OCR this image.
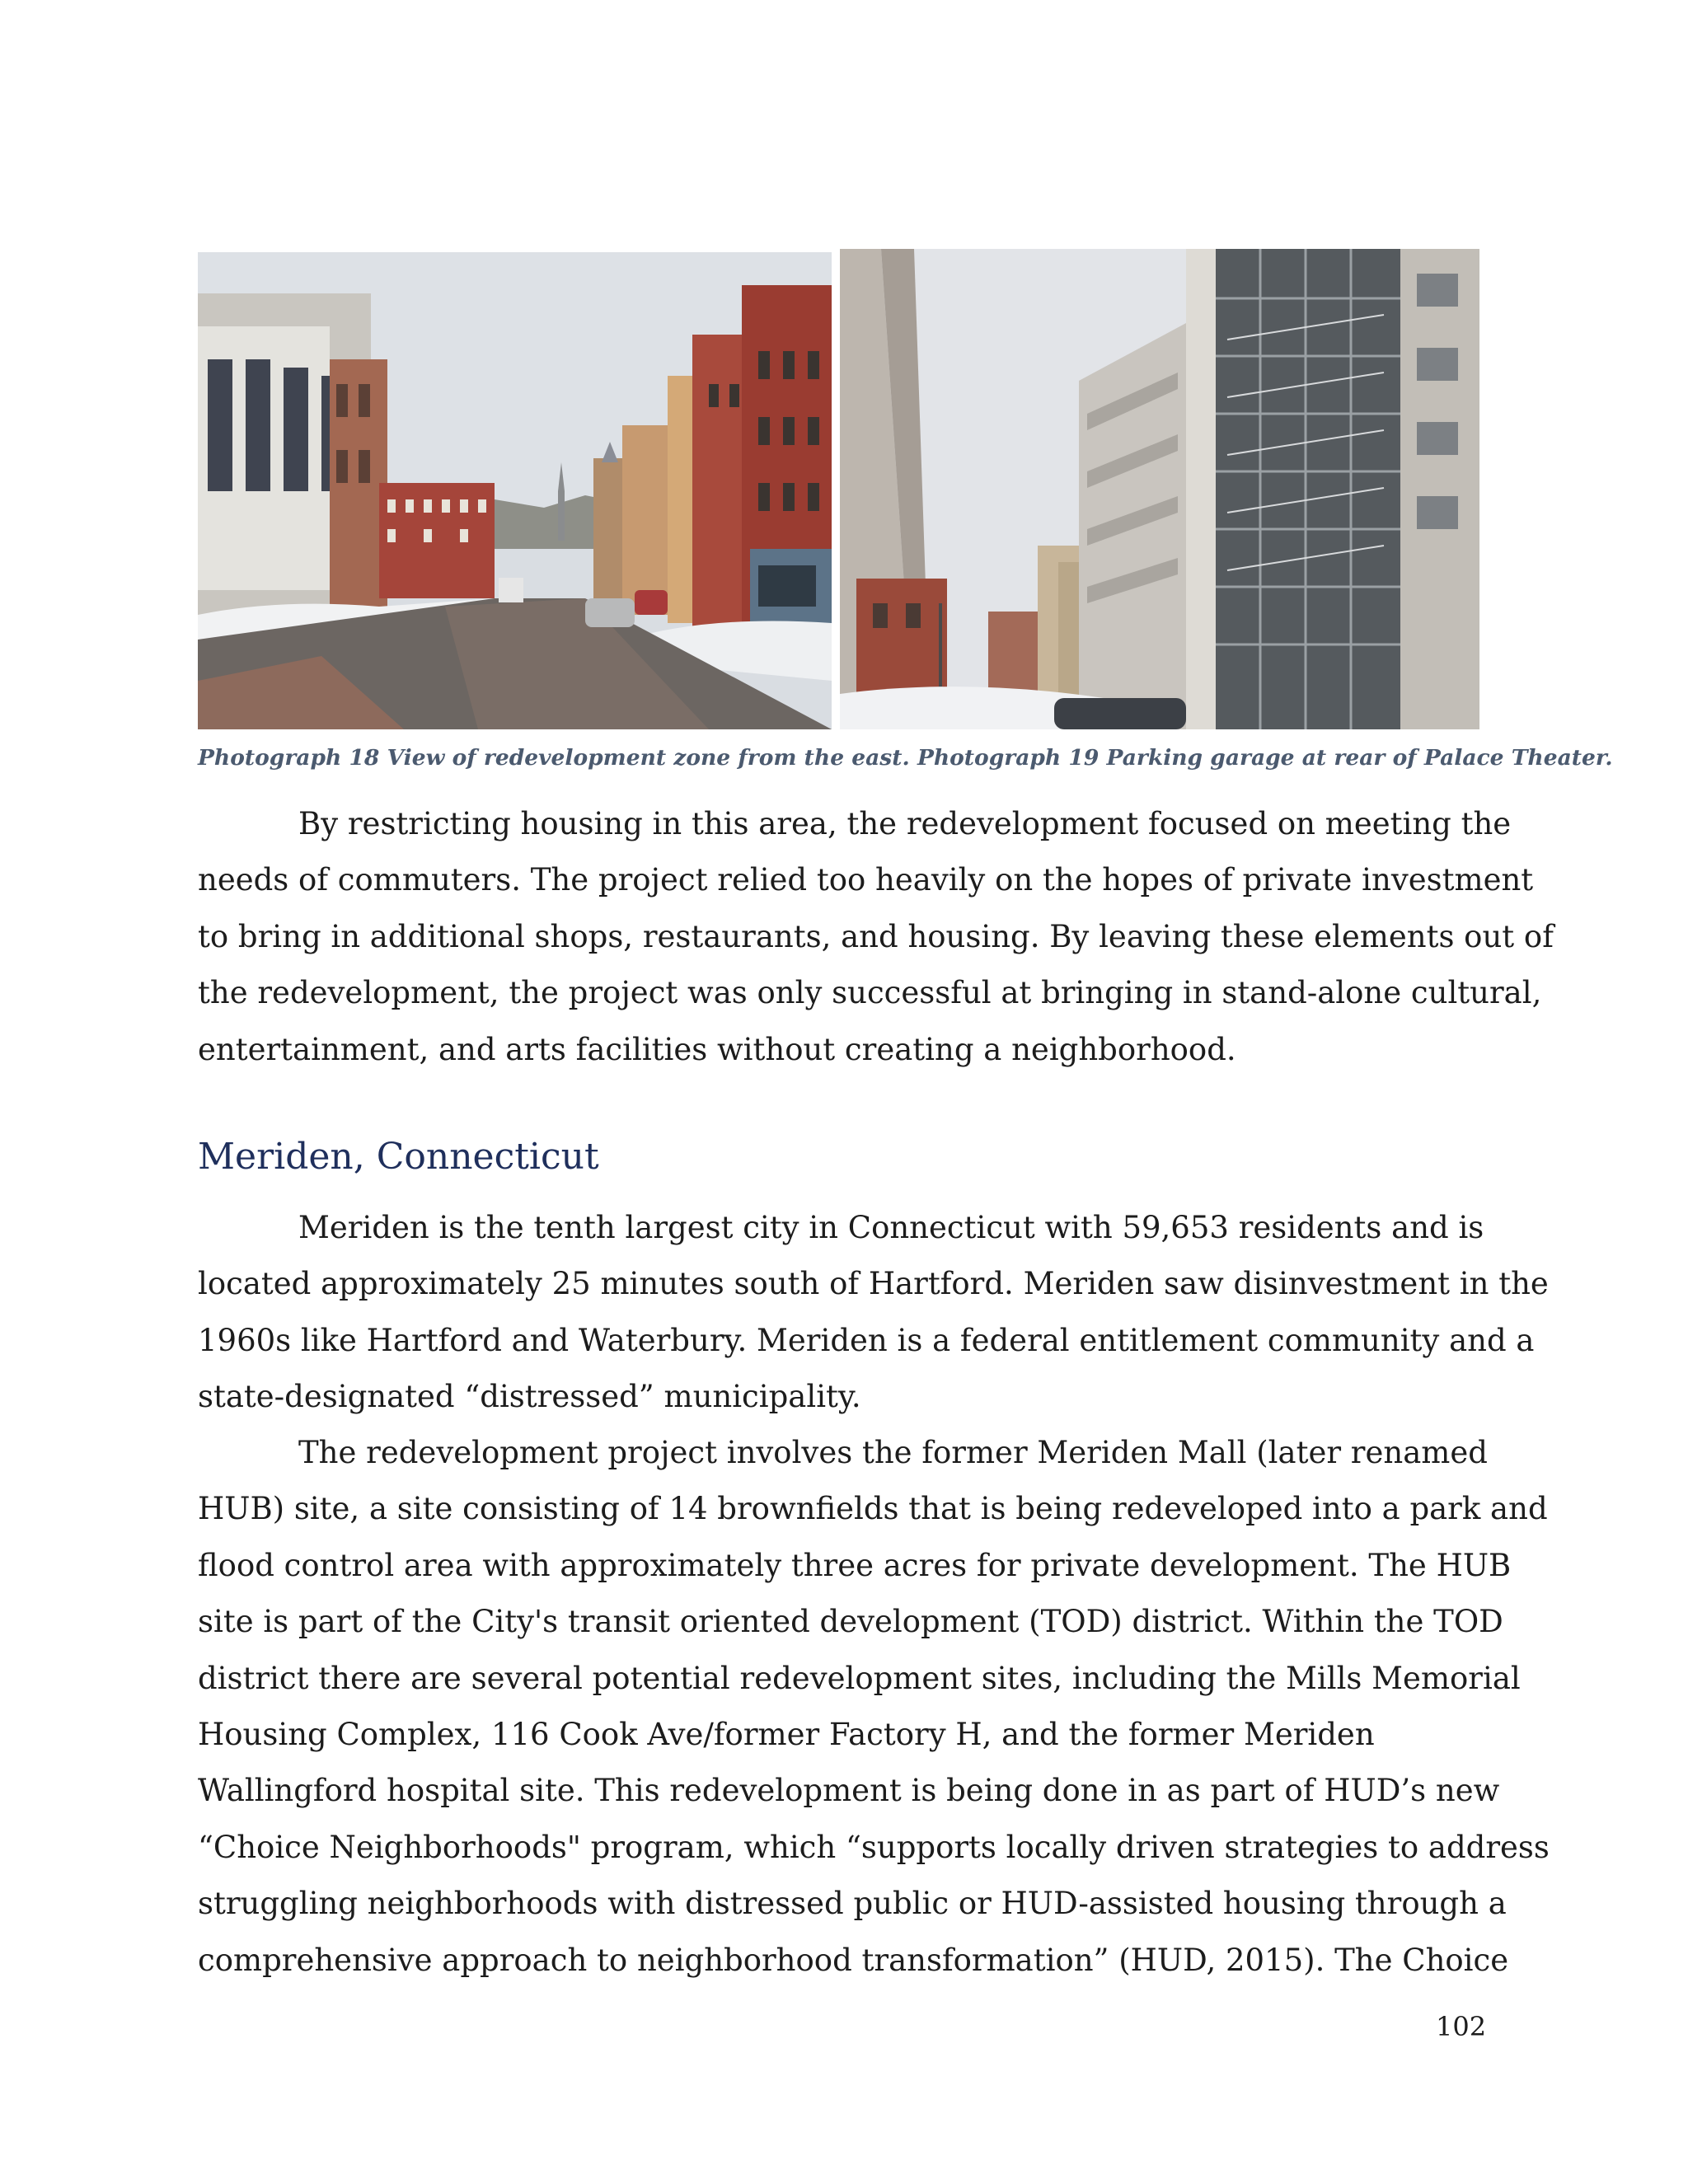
Photograph 18 View of redevelopment zone from the east. Photograph 19 Parking garage at rear of Palace Theater.

By restricting housing in this area, the redevelopment focused on meeting the
needs of commuters. The project relied too heavily on the hopes of private investment
to bring in additional shops, restaurants, and housing. By leaving these elements out of
the redevelopment, the project was only successful at bringing in stand-alone cultural,
entertainment, and arts facilities without creating a neighborhood.

Meriden, Connecticut

Meriden is the tenth largest city in Connecticut with 59,653 residents and is
located approximately 25 minutes south of Hartford. Meriden saw disinvestment in the
1960s like Hartford and Waterbury. Meriden is a federal entitlement community and a
state-designated “distressed” municipality.

The redevelopment project involves the former Meriden Mall (later renamed
HUB) site, a site consisting of 14 brownfields that is being redeveloped into a park and
flood control area with approximately three acres for private development. The HUB
site is part of the City's transit oriented development (TOD) district. Within the TOD
district there are several potential redevelopment sites, including the Mills Memorial
Housing Complex, 116 Cook Ave/former Factory H, and the former Meriden
Wallingford hospital site. This redevelopment is being done in as part of HUD’s new
“Choice Neighborhoods" program, which “supports locally driven strategies to address
struggling neighborhoods with distressed public or HUD-assisted housing through a
comprehensive approach to neighborhood transformation” (HUD, 2015). The Choice

102
